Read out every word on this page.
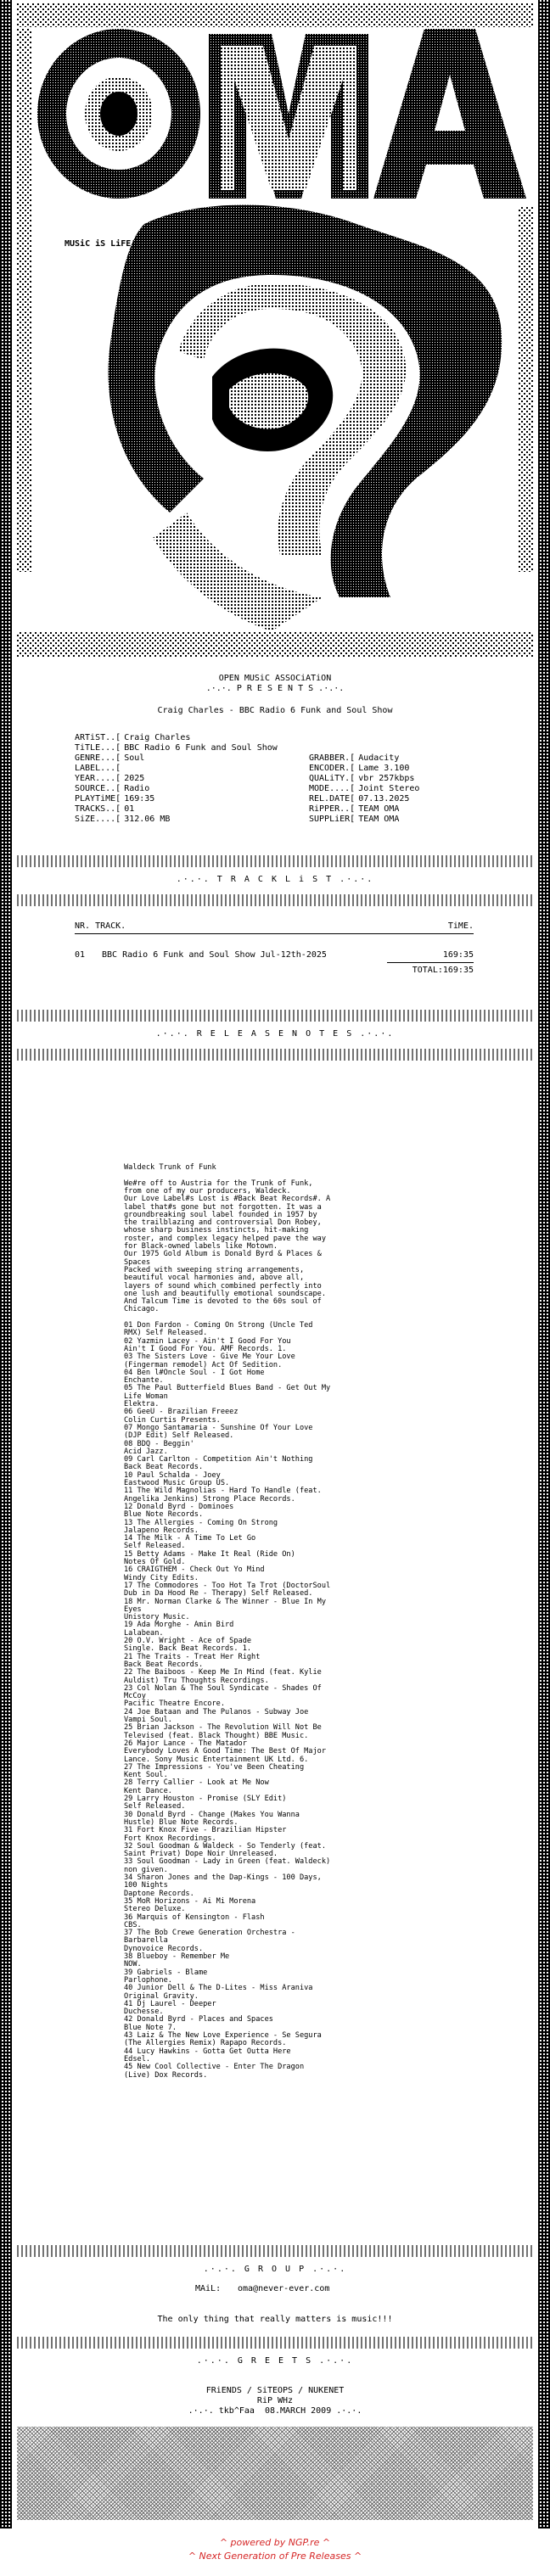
MUSiC iS LiFE!!!
OPEN MUSiC ASSOCiATiON
.·.·. P R E S E N T S .·.·.
Craig Charles - BBC Radio 6 Funk and Soul Show
ARTiST..[ Craig Charles
TiTLE...[ BBC Radio 6 Funk and Soul Show
GENRE...[ Soul
LABEL...[
YEAR....[ 2025
SOURCE..[ Radio
PLAYTiME[ 169:35
TRACKS..[ 01
SiZE....[ 312.06 MB
GRABBER.[ Audacity
ENCODER.[ Lame 3.100
QUALiTY.[ vbr 257kbps
MODE....[ Joint Stereo
REL.DATE[ 07.13.2025
RiPPER..[ TEAM OMA
SUPPLiER[ TEAM OMA
.·.·. T R A C K L i S T .·.·.
NR. TRACK.	TiME.
01 BBC Radio 6 Funk and Soul Show Jul-12th-2025	169:35
TOTAL:169:35
.·.·. R E L E A S E N O T E S .·.·.
Waldeck Trunk of Funk
We#re off to Austria for the Trunk of Funk,
from one of my our producers, Waldeck.
Our Love Label#s Lost is #Back Beat Records#. A
label that#s gone but not forgotten. It was a
groundbreaking soul label founded in 1957 by
the trailblazing and controversial Don Robey,
whose sharp business instincts, hit-making
roster, and complex legacy helped pave the way
for Black-owned labels like Motown.
Our 1975 Gold Album is Donald Byrd & Places &
Spaces
Packed with sweeping string arrangements,
beautiful vocal harmonies and, above all,
layers of sound which combined perfectly into
one lush and beautifully emotional soundscape.
And Talcum Time is devoted to the 60s soul of
Chicago.
01 Don Fardon - Coming On Strong (Uncle Ted
RMX) Self Released.
02 Yazmin Lacey - Ain't I Good For You
Ain't I Good For You. AMF Records. 1.
03 The Sisters Love - Give Me Your Love
(Fingerman remodel) Act Of Sedition.
04 Ben l#Oncle Soul - I Got Home
Enchante.
05 The Paul Butterfield Blues Band - Get Out My
Life Woman
Elektra.
06 GeeU - Brazilian Freeez
Colin Curtis Presents.
07 Mongo Santamaria - Sunshine Of Your Love
(DJP Edit) Self Released.
08 BDQ - Beggin'
Acid Jazz.
09 Carl Carlton - Competition Ain't Nothing
Back Beat Records.
10 Paul Schalda - Joey
Eastwood Music Group US.
11 The Wild Magnolias - Hard To Handle (feat.
Angelika Jenkins) Strong Place Records.
12 Donald Byrd - Dominoes
Blue Note Records.
13 The Allergies - Coming On Strong
Jalapeno Records.
14 The Milk - A Time To Let Go
Self Released.
15 Betty Adams - Make It Real (Ride On)
Notes Of Gold.
16 CRAIGTHEM - Check Out Yo Mind
Windy City Edits.
17 The Commodores - Too Hot Ta Trot (DoctorSoul
Dub in Da Hood Re - Therapy) Self Released.
18 Mr. Norman Clarke & The Winner - Blue In My
Eyes
Unistory Music.
19 Ada Morghe - Amin Bird
Lalabean.
20 O.V. Wright - Ace of Spade
Single. Back Beat Records. 1.
21 The Traits - Treat Her Right
Back Beat Records.
22 The Baiboos - Keep Me In Mind (feat. Kylie
Auldist) Tru Thoughts Recordings.
23 Col Nolan & The Soul Syndicate - Shades Of
McCoy
Pacific Theatre Encore.
24 Joe Bataan and The Pulanos - Subway Joe
Vampi Soul.
25 Brian Jackson - The Revolution Will Not Be
Televised (feat. Black Thought) BBE Music.
26 Major Lance - The Matador
Everybody Loves A Good Time: The Best Of Major
Lance. Sony Music Entertainment UK Ltd. 6.
27 The Impressions - You've Been Cheating
Kent Soul.
28 Terry Callier - Look at Me Now
Kent Dance.
29 Larry Houston - Promise (SLY Edit)
Self Released.
30 Donald Byrd - Change (Makes You Wanna
Hustle) Blue Note Records.
31 Fort Knox Five - Brazilian Hipster
Fort Knox Recordings.
32 Soul Goodman & Waldeck - So Tenderly (feat.
Saint Privat) Dope Noir Unreleased.
33 Soul Goodman - Lady in Green (feat. Waldeck)
non given.
34 Sharon Jones and the Dap-Kings - 100 Days,
100 Nights
Daptone Records.
35 MoR Horizons - Ai Mi Morena
Stereo Deluxe.
36 Marquis of Kensington - Flash
CBS.
37 The Bob Crewe Generation Orchestra -
Barbarella
Dynovoice Records.
38 Blueboy - Remember Me
NOW.
39 Gabriels - Blame
Parlophone.
40 Junior Dell & The D-Lites - Miss Araniva
Original Gravity.
41 Dj Laurel - Deeper
Duchesse.
42 Donald Byrd - Places and Spaces
Blue Note 7.
43 Laiz & The New Love Experience - Se Segura
(The Allergies Remix) Rapapo Records.
44 Lucy Hawkins - Gotta Get Outta Here
Edsel.
45 New Cool Collective - Enter The Dragon
(Live) Dox Records.
.·.·. G R O U P .·.·.
MAiL: oma@never-ever.com
The only thing that really matters is music!!!
.·.·. G R E E T S .·.·.
FRiENDS / SiTEOPS / NUKENET
RiP WHz
.·.·. tkb^Faa  08.MARCH 2009 .·.·.
^ powered by NGP.re ^
^ Next Generation of Pre Releases ^
